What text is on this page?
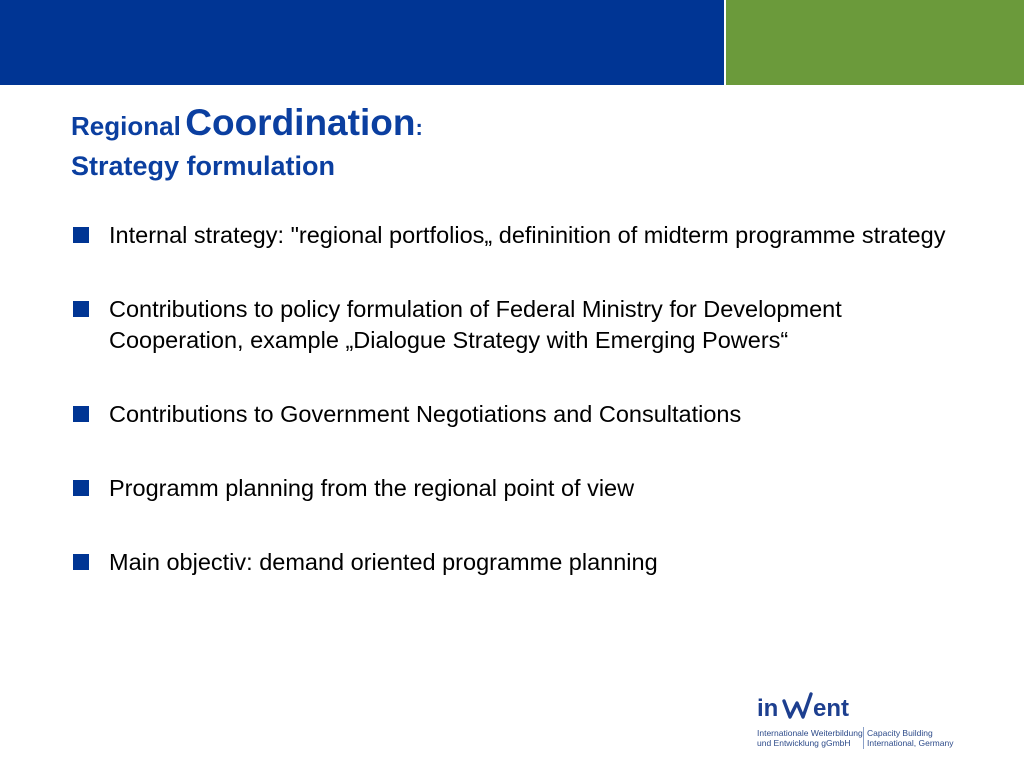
Regional Coordination:
Strategy formulation
Internal strategy: "regional portfolios„ defininition of midterm programme strategy
Contributions to policy formulation of Federal Ministry for Development Cooperation, example „Dialogue Strategy with Emerging Powers“
Contributions to Government Negotiations and Consultations
Programm planning from the regional point of view
Main objectiv: demand oriented programme planning
in ent
Internationale Weiterbildung
und Entwicklung gGmbH
Capacity Building
International, Germany
